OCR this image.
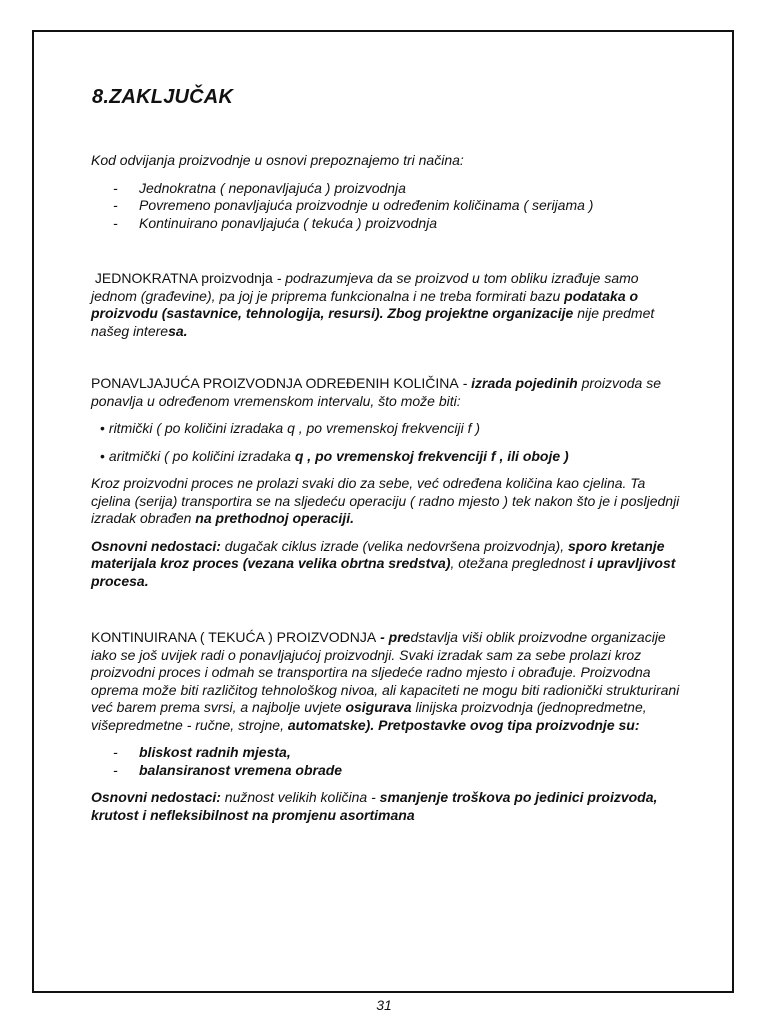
8.ZAKLJUČAK

Kod odvijanja proizvodnje u osnovi prepoznajemo tri načina:

- Jednokratna ( neponavljajuća ) proizvodnja
- Povremeno ponavljajuća proizvodnje u određenim količinama ( serijama )
- Kontinuirano ponavljajuća ( tekuća ) proizvodnja

JEDNOKRATNA proizvodnja - podrazumjeva da se proizvod u tom obliku izrađuje samo jednom (građevine), pa joj je priprema funkcionalna i ne treba formirati bazu podataka o proizvodu (sastavnice, tehnologija, resursi). Zbog projektne organizacije nije predmet našeg interesa.

PONAVLJAJUĆA PROIZVODNJA ODREĐENIH KOLIČINA - izrada pojedinih proizvoda se ponavlja u određenom vremenskom intervalu, što može biti:

• ritmički ( po količini izradaka q , po vremenskoj frekvenciji f )

• aritmički ( po količini izradaka q , po vremenskoj frekvenciji f , ili oboje )

Kroz proizvodni proces ne prolazi svaki dio za sebe, već određena količina kao cjelina. Ta cjelina (serija) transportira se na sljedeću operaciju ( radno mjesto ) tek nakon što je i posljednji izradak obrađen na prethodnoj operaciji.

Osnovni nedostaci: dugačak ciklus izrade (velika nedovršena proizvodnja), sporo kretanje materijala kroz proces (vezana velika obrtna sredstva), otežana preglednost i upravljivost procesa.

KONTINUIRANA ( TEKUĆA ) PROIZVODNJA - predstavlja viši oblik proizvodne organizacije iako se još uvijek radi o ponavljajućoj proizvodnji. Svaki izradak sam za sebe prolazi kroz proizvodni proces i odmah se transportira na sljedeće radno mjesto i obrađuje. Proizvodna oprema može biti različitog tehnološkog nivoa, ali kapaciteti ne mogu biti radionički strukturirani već barem prema svrsi, a najbolje uvjete osigurava linijska proizvodnja (jednopredmetne, višepredmetne - ručne, strojne, automatske). Pretpostavke ovog tipa proizvodnje su:

- bliskost radnih mjesta,
- balansiranost vremena obrade

Osnovni nedostaci: nužnost velikih količina - smanjenje troškova po jedinici proizvoda, krutost i nefleksibilnost na promjenu asortimana

31
